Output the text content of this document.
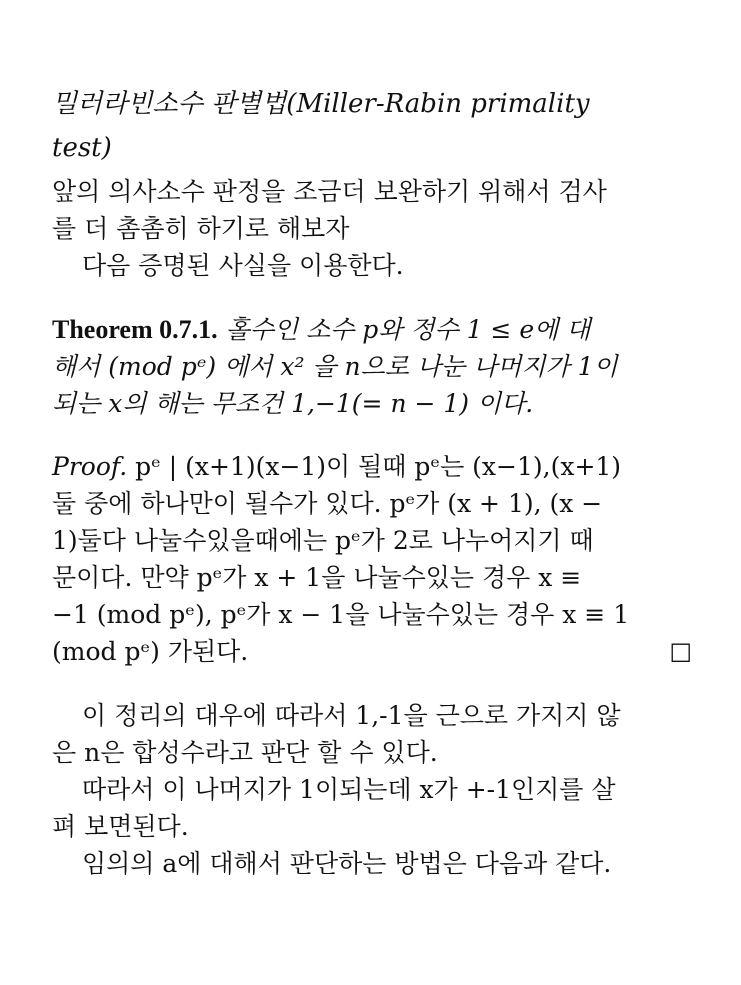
밀러라빈소수 판별법(Miller-Rabin primality
test)
앞의 의사소수 판정을 조금더 보완하기 위해서 검사
를 더 촘촘히 하기로 해보자
다음 증명된 사실을 이용한다.
Theorem 0.7.1. 홀수인 소수 p와 정수 1 ≤ e에 대
해서 (mod pᵉ) 에서 x² 을 n으로 나눈 나머지가 1이
되는 x의 해는 무조건 1,−1(= n − 1) 이다.
Proof. pᵉ | (x+1)(x−1)이 될때 pᵉ는 (x−1),(x+1)
둘 중에 하나만이 될수가 있다. pᵉ가 (x + 1), (x −
1)둘다 나눌수있을때에는 pᵉ가 2로 나누어지기 때
문이다. 만약 pᵉ가 x + 1을 나눌수있는 경우 x ≡
−1 (mod pᵉ), pᵉ가 x − 1을 나눌수있는 경우 x ≡ 1
(mod pᵉ) 가된다.	□
이 정리의 대우에 따라서 1,-1을 근으로 가지지 않
은 n은 합성수라고 판단 할 수 있다.
따라서 이 나머지가 1이되는데 x가 +-1인지를 살
펴 보면된다.
임의의 a에 대해서 판단하는 방법은 다음과 같다.
